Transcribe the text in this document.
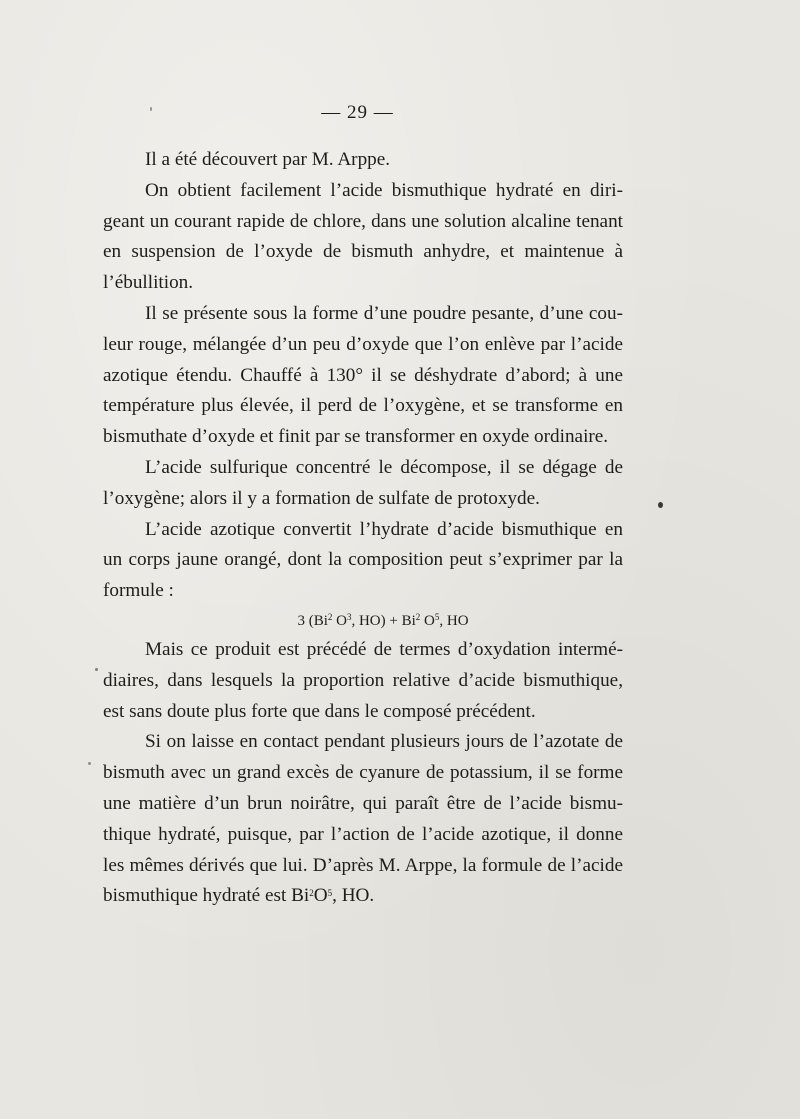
— 29 —

Il a été découvert par M. Arppe.

On obtient facilement l’acide bismuthique hydraté en dirigeant un courant rapide de chlore, dans une solution alcaline tenant en suspension de l’oxyde de bismuth anhydre, et maintenue à l’ébullition.

Il se présente sous la forme d’une poudre pesante, d’une couleur rouge, mélangée d’un peu d’oxyde que l’on enlève par l’acide azotique étendu. Chauffé à 130° il se déshydrate d’abord; à une température plus élevée, il perd de l’oxygène, et se transforme en bismuthate d’oxyde et finit par se transformer en oxyde ordinaire.

L’acide sulfurique concentré le décompose, il se dégage de l’oxygène; alors il y a formation de sulfate de protoxyde.

L’acide azotique convertit l’hydrate d’acide bismuthique en un corps jaune orangé, dont la composition peut s’exprimer par la formule :

3 (Bi$^2$ $O^3$, $HO) + Bi^2$ $O^5$, HO

Mais ce produit est précédé de termes d’oxydation intermédiaires, dans lesquels la proportion relative d’acide bismuthique, est sans doute plus forte que dans le composé précédent.

Si on laisse en contact pendant plusieurs jours de l’azotate de bismuth avec un grand excès de cyanure de potassium, il se forme une matière d’un brun noirâtre, qui paraît être de l’acide bismuthique hydraté, puisque, par l’action de l’acide azotique, il donne les mêmes dérivés que lui. D’après M. Arppe, la formule de l’acide bismuthique hydraté est $Bi^2O^5$, HO.
